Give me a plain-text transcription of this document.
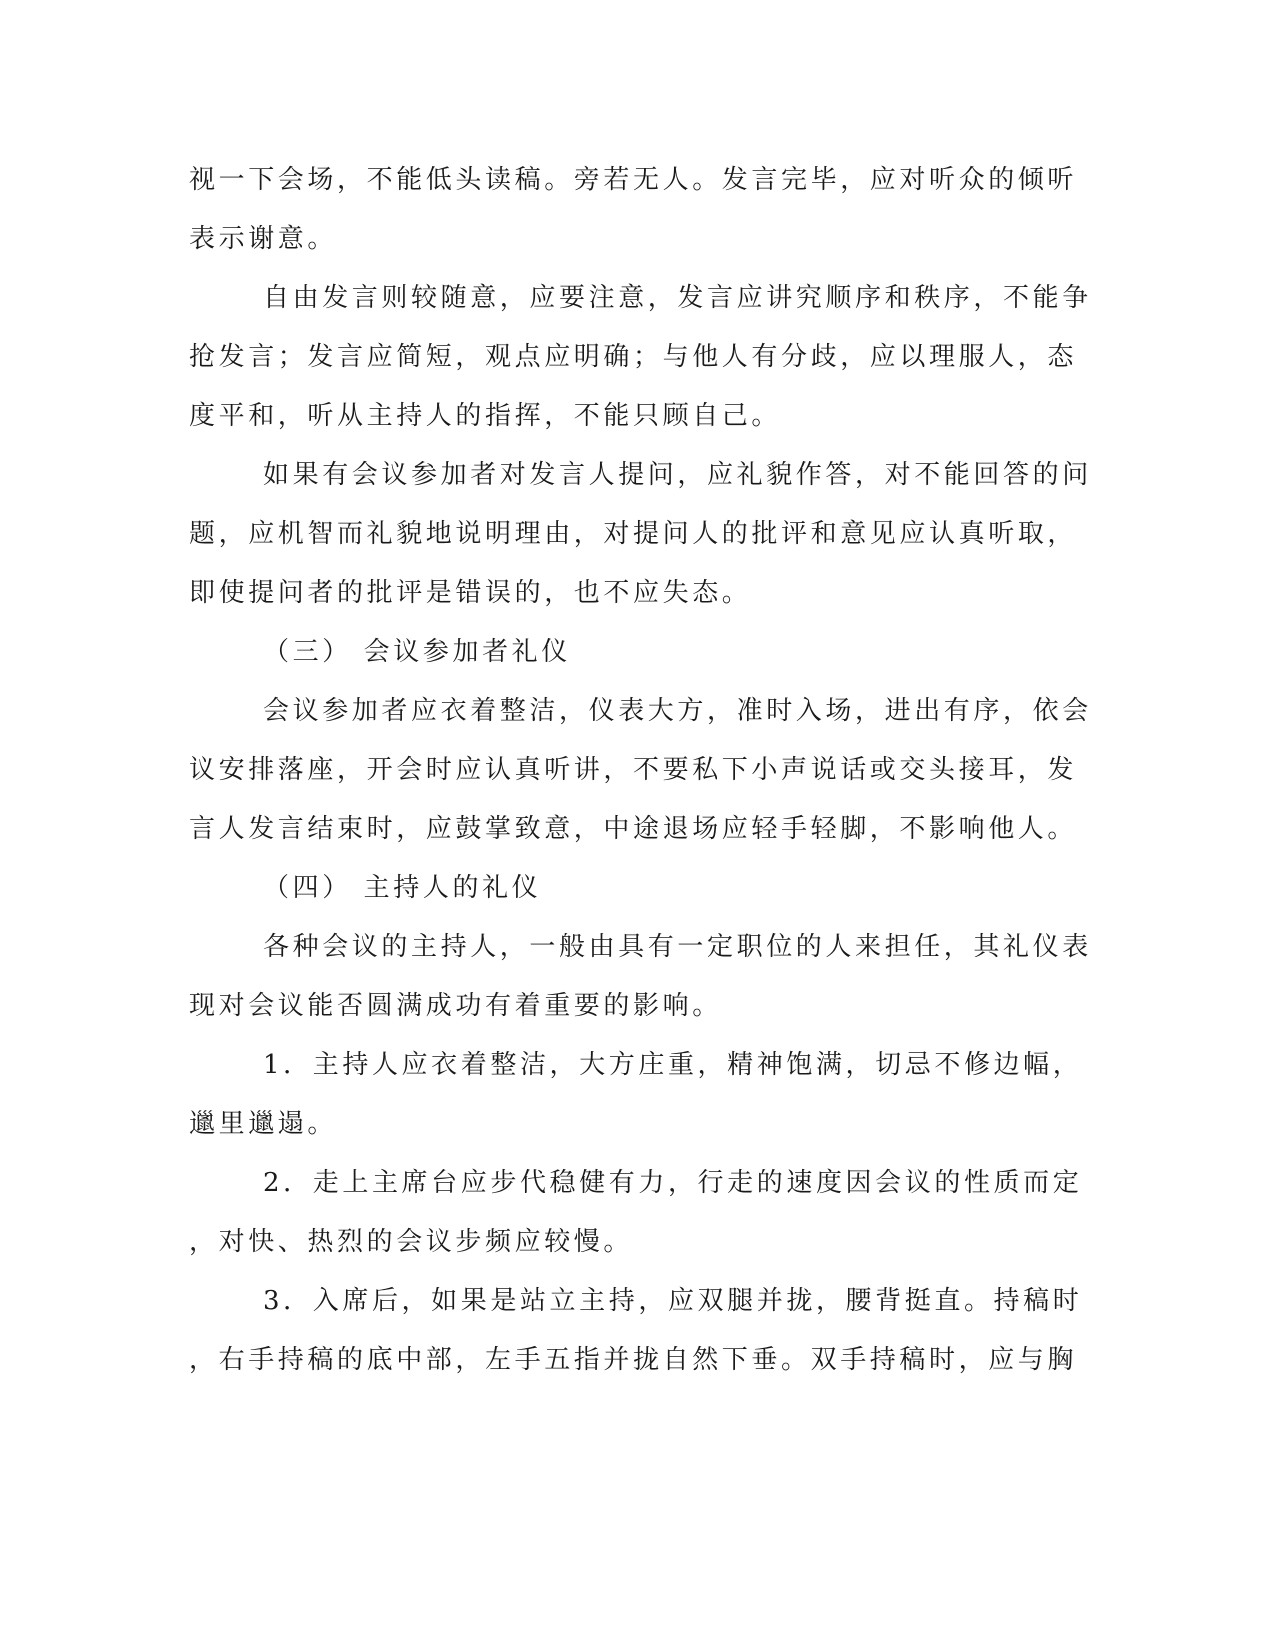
视一下会场，不能低头读稿。旁若无人。发言完毕，应对听众的倾听
表示谢意。
自由发言则较随意，应要注意，发言应讲究顺序和秩序，不能争
抢发言；发言应简短，观点应明确；与他人有分歧，应以理服人，态
度平和，听从主持人的指挥，不能只顾自己。
如果有会议参加者对发言人提问，应礼貌作答，对不能回答的问
题，应机智而礼貌地说明理由，对提问人的批评和意见应认真听取，
即使提问者的批评是错误的，也不应失态。
（三） 会议参加者礼仪
会议参加者应衣着整洁，仪表大方，准时入场，进出有序，依会
议安排落座，开会时应认真听讲，不要私下小声说话或交头接耳，发
言人发言结束时，应鼓掌致意，中途退场应轻手轻脚，不影响他人。
（四） 主持人的礼仪
各种会议的主持人，一般由具有一定职位的人来担任，其礼仪表
现对会议能否圆满成功有着重要的影响。
1．主持人应衣着整洁，大方庄重，精神饱满，切忌不修边幅，
邋里邋遢。
2．走上主席台应步代稳健有力，行走的速度因会议的性质而定
，对快、热烈的会议步频应较慢。
3．入席后，如果是站立主持，应双腿并拢，腰背挺直。持稿时
，右手持稿的底中部，左手五指并拢自然下垂。双手持稿时，应与胸
